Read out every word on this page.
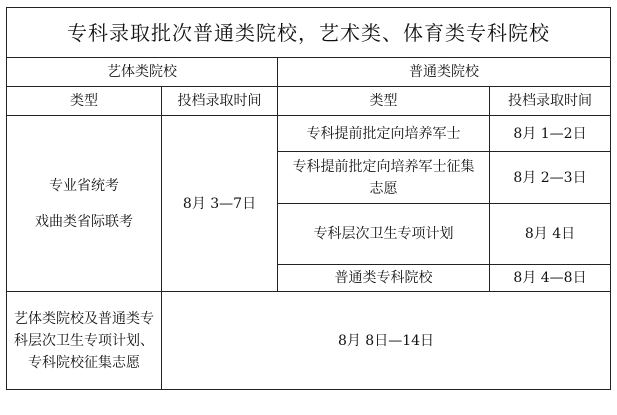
专科录取批次普通类院校，艺术类、体育类专科院校			
艺体类院校		普通类院校	
类型	投档录取时间	类型	投档录取时间

专业省统考
戏曲类省际联考	8月 3—7日	专科提前批定向培养军士	8月 1—2日
		专科提前批定向培养军士征集志愿	8月 2—3日
		专科层次卫生专项计划	8月 4日
		普通类专科院校	8月 4—8日
艺体类院校及普通类专科层次卫生专项计划、专科院校征集志愿	8月 8日—14日		
